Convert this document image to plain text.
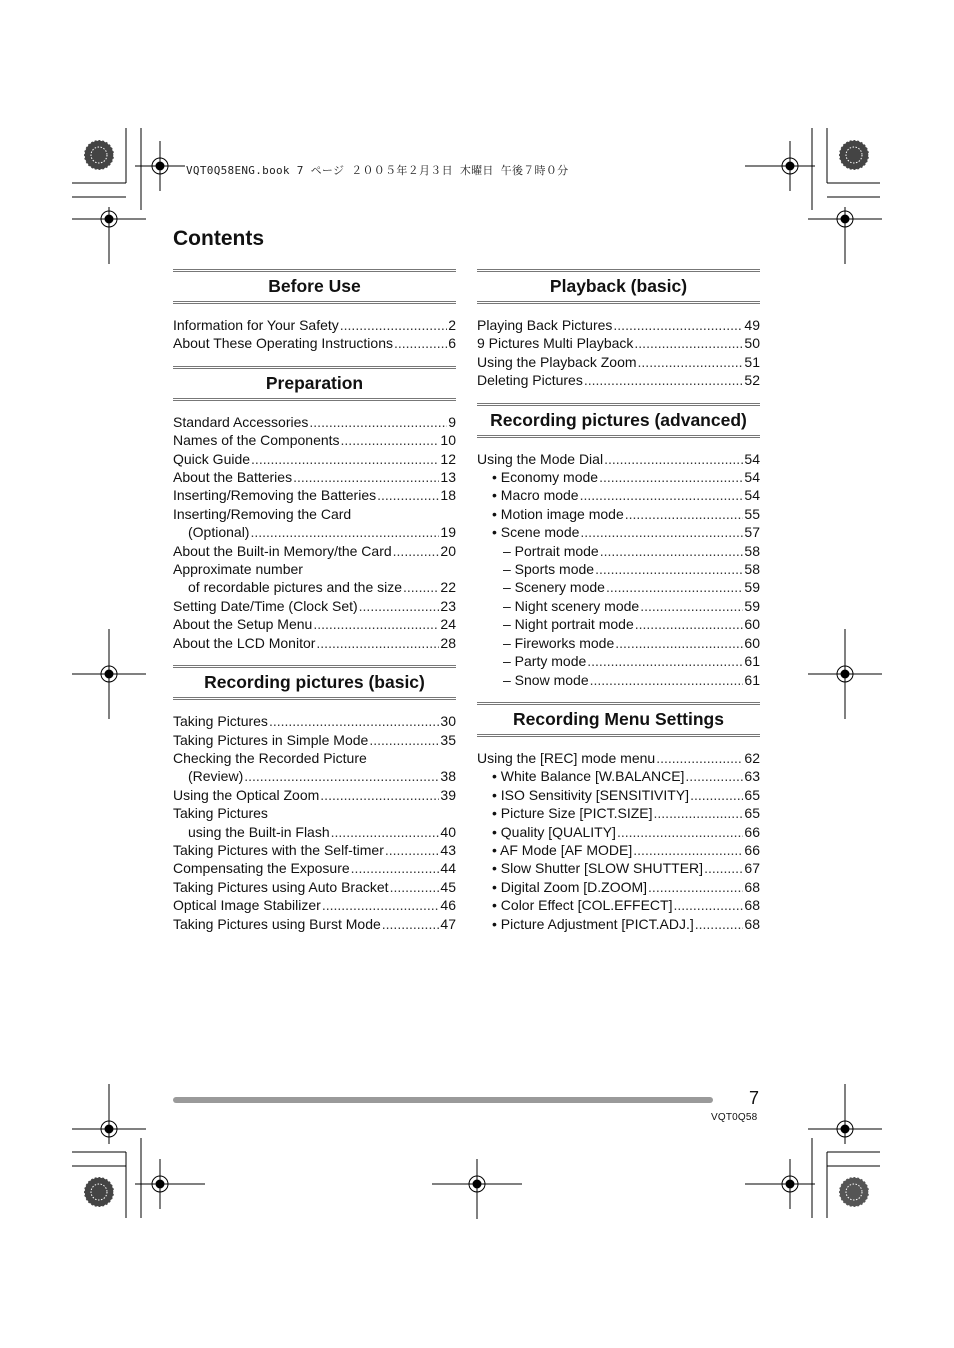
VQT0Q58ENG.book 7 ページ ２００５年２月３日 木曜日 午後７時０分
Contents
Before Use
Information for Your Safety .....	2
About These Operating Instructions .....	6
Preparation
Standard Accessories .....	9
Names of the Components .....	10
Quick Guide .....	12
About the Batteries .....	13
Inserting/Removing the Batteries .....	18
Inserting/Removing the Card
(Optional) .....	19
About the Built-in Memory/the Card .....	20
Approximate number
of recordable pictures and the size .....	22
Setting Date/Time (Clock Set) .....	23
About the Setup Menu .....	24
About the LCD Monitor .....	28
Recording pictures (basic)
Taking Pictures .....	30
Taking Pictures in Simple Mode .....	35
Checking the Recorded Picture
(Review) .....	38
Using the Optical Zoom .....	39
Taking Pictures
using the Built-in Flash .....	40
Taking Pictures with the Self-timer .....	43
Compensating the Exposure .....	44
Taking Pictures using Auto Bracket .....	45
Optical Image Stabilizer .....	46
Taking Pictures using Burst Mode .....	47
Playback (basic)
Playing Back Pictures .....	49
9 Pictures Multi Playback .....	50
Using the Playback Zoom .....	51
Deleting Pictures .....	52
Recording pictures (advanced)
Using the Mode Dial .....	54
• Economy mode .....	54
• Macro mode .....	54
• Motion image mode .....	55
• Scene mode .....	57
– Portrait mode .....	58
– Sports mode .....	58
– Scenery mode .....	59
– Night scenery mode .....	59
– Night portrait mode .....	60
– Fireworks mode .....	60
– Party mode .....	61
– Snow mode .....	61
Recording Menu Settings
Using the [REC] mode menu .....	62
• White Balance [W.BALANCE] .....	63
• ISO Sensitivity [SENSITIVITY] .....	65
• Picture Size [PICT.SIZE] .....	65
• Quality [QUALITY] .....	66
• AF Mode [AF MODE] .....	66
• Slow Shutter [SLOW SHUTTER] .....	67
• Digital Zoom [D.ZOOM] .....	68
• Color Effect [COL.EFFECT] .....	68
• Picture Adjustment [PICT.ADJ.] .....	68
7
VQT0Q58
